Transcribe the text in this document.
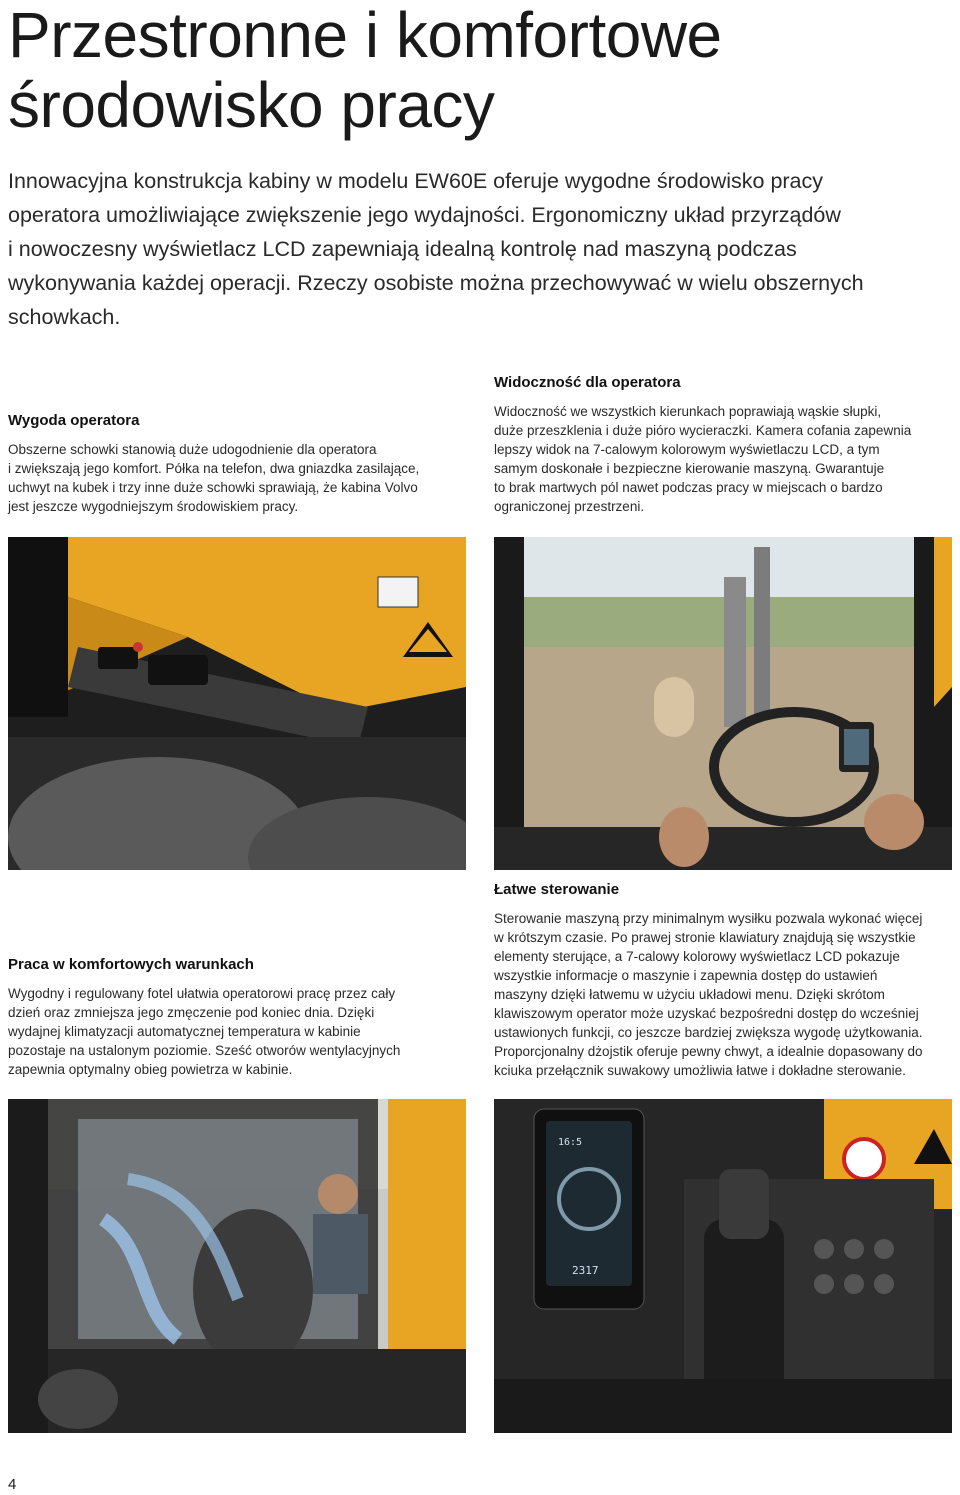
Przestronne i komfortowe
środowisko pracy
Innowacyjna konstrukcja kabiny w modelu EW60E oferuje wygodne środowisko pracy
operatora umożliwiające zwiększenie jego wydajności. Ergonomiczny układ przyrządów
i nowoczesny wyświetlacz LCD zapewniają idealną kontrolę nad maszyną podczas
wykonywania każdej operacji. Rzeczy osobiste można przechowywać w wielu obszernych
schowkach.
Widoczność dla operatora

Widoczność we wszystkich kierunkach poprawiają wąskie słupki,
duże przeszklenia i duże pióro wycieraczki. Kamera cofania zapewnia
lepszy widok na 7-calowym kolorowym wyświetlaczu LCD, a tym
samym doskonałe i bezpieczne kierowanie maszyną. Gwarantuje
to brak martwych pól nawet podczas pracy w miejscach o bardzo
ograniczonej przestrzeni.

Wygoda operatora

Obszerne schowki stanowią duże udogodnienie dla operatora
i zwiększają jego komfort. Półka na telefon, dwa gniazdka zasilające,
uchwyt na kubek i trzy inne duże schowki sprawiają, że kabina Volvo
jest jeszcze wygodniejszym środowiskiem pracy.

Łatwe sterowanie

Sterowanie maszyną przy minimalnym wysiłku pozwala wykonać więcej
w krótszym czasie. Po prawej stronie klawiatury znajdują się wszystkie
elementy sterujące, a 7-calowy kolorowy wyświetlacz LCD pokazuje
wszystkie informacje o maszynie i zapewnia dostęp do ustawień
maszyny dzięki łatwemu w użyciu układowi menu. Dzięki skrótom
klawiszowym operator może uzyskać bezpośredni dostęp do wcześniej
ustawionych funkcji, co jeszcze bardziej zwiększa wygodę użytkowania.
Proporcjonalny dżojstik oferuje pewny chwyt, a idealnie dopasowany do
kciuka przełącznik suwakowy umożliwia łatwe i dokładne sterowanie.

Praca w komfortowych warunkach

Wygodny i regulowany fotel ułatwia operatorowi pracę przez cały
dzień oraz zmniejsza jego zmęczenie pod koniec dnia. Dzięki
wydajnej klimatyzacji automatycznej temperatura w kabinie
pozostaje na ustalonym poziomie. Sześć otworów wentylacyjnych
zapewnia optymalny obieg powietrza w kabinie.

16:5
2317
4
